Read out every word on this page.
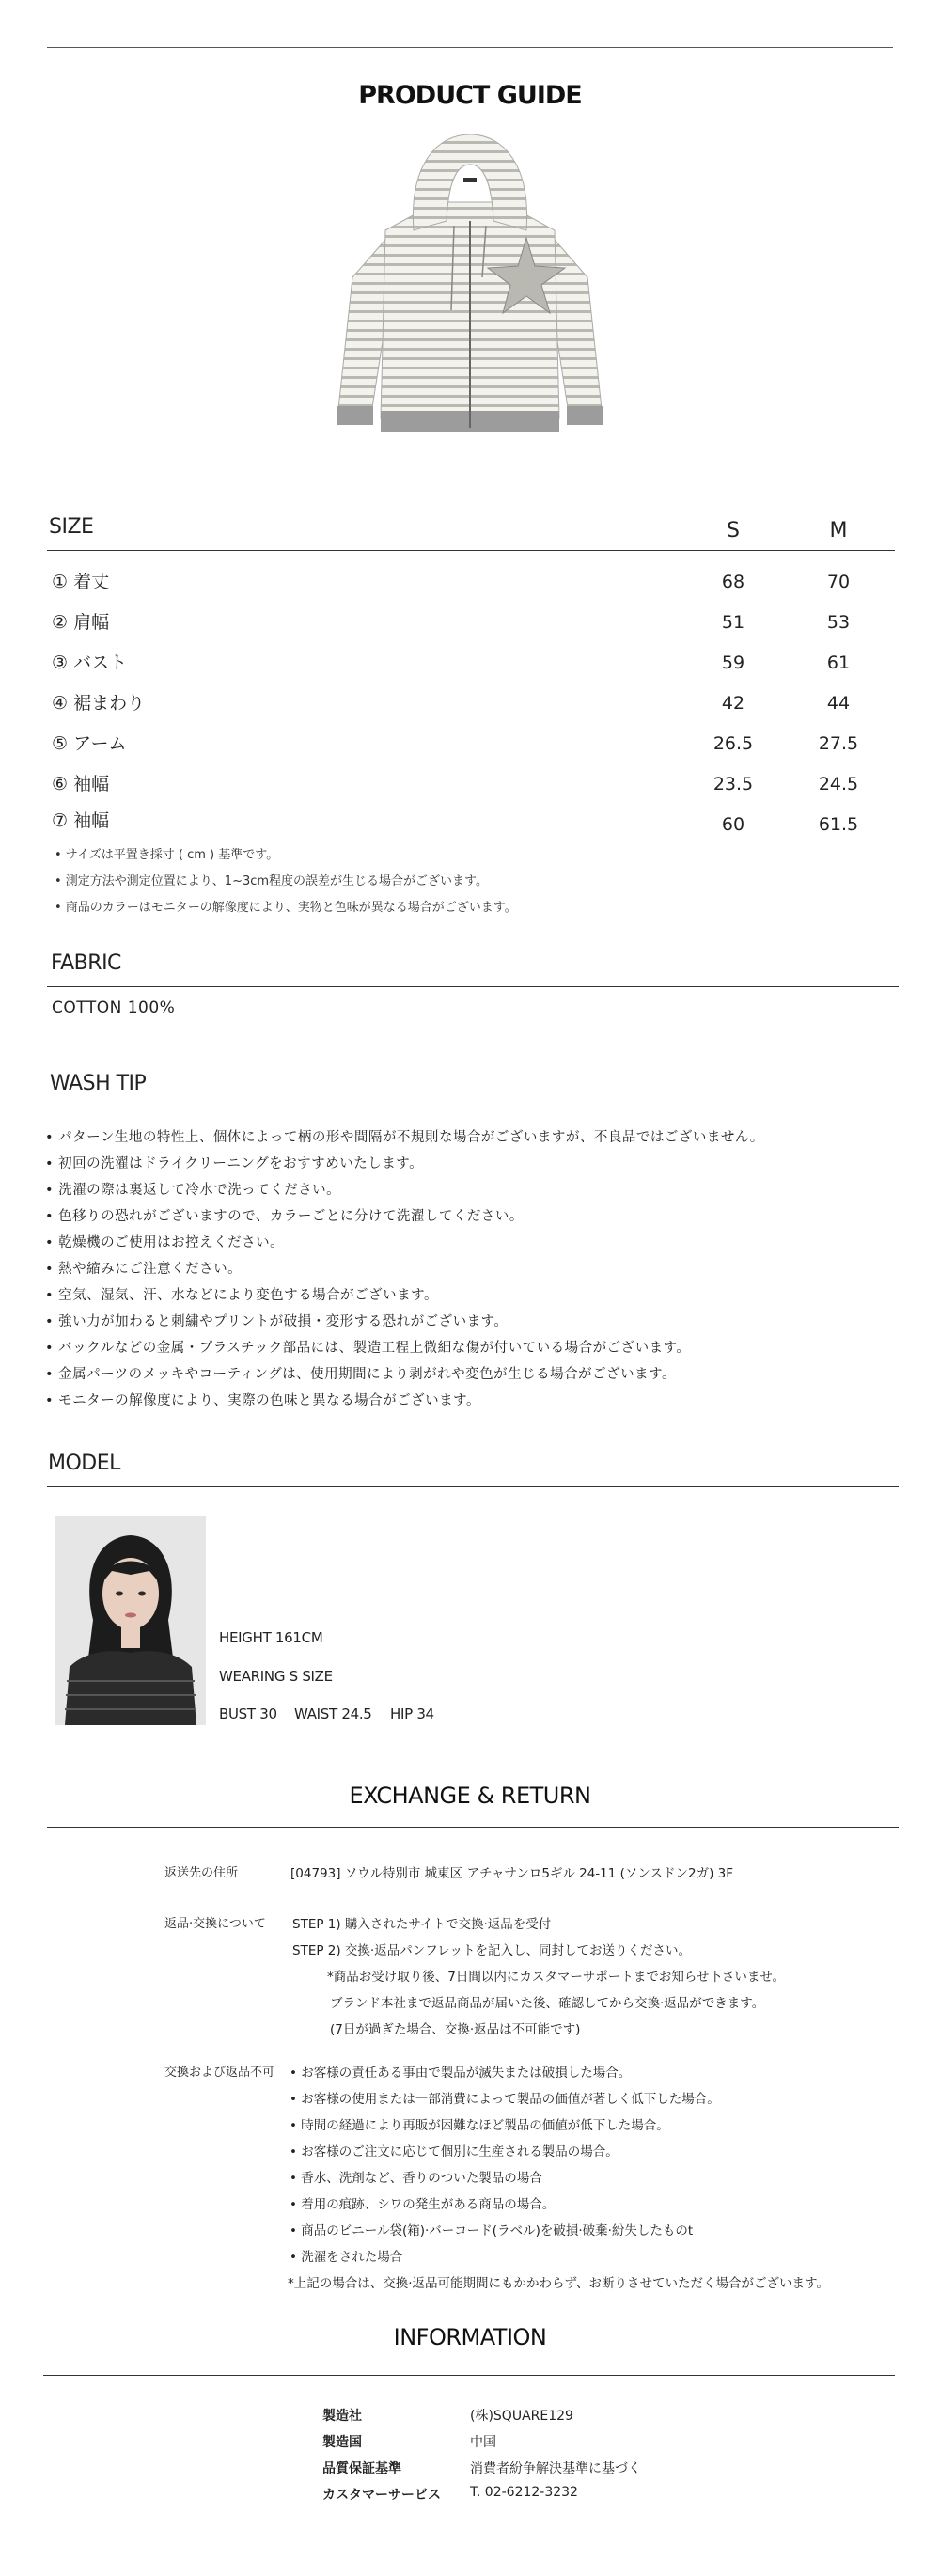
PRODUCT GUIDE
SIZE	S	M
① 着丈	68	70
② 肩幅	51	53
③ バスト	59	61
④ 裾まわり	42	44
⑤ アーム	26.5	27.5
⑥ 袖幅	23.5	24.5
⑦ 袖幅	60	61.5
• サイズは平置き採寸 ( cm ) 基準です。
• 測定方法や測定位置により、1~3cm程度の誤差が生じる場合がございます。
• 商品のカラーはモニターの解像度により、実物と色味が異なる場合がございます。
FABRIC
COTTON 100%
WASH TIP
• パターン生地の特性上、個体によって柄の形や間隔が不規則な場合がございますが、不良品ではございません。
• 初回の洗濯はドライクリーニングをおすすめいたします。
• 洗濯の際は裏返して冷水で洗ってください。
• 色移りの恐れがございますので、カラーごとに分けて洗濯してください。
• 乾燥機のご使用はお控えください。
• 熱や縮みにご注意ください。
• 空気、湿気、汗、水などにより変色する場合がございます。
• 強い力が加わると刺繍やプリントが破損・変形する恐れがございます。
• バックルなどの金属・プラスチック部品には、製造工程上微細な傷が付いている場合がございます。
• 金属パーツのメッキやコーティングは、使用期間により剥がれや変色が生じる場合がございます。
• モニターの解像度により、実際の色味と異なる場合がございます。
MODEL
HEIGHT 161CM
WEARING S SIZE
BUST 30 WAIST 24.5 HIP 34
EXCHANGE & RETURN
返送先の住所	[04793] ソウル特別市 城東区 アチャサンロ5ギル 24-11 (ソンスドン2ガ) 3F
返品·交換について STEP 1) 購入されたサイトで交換·返品を受付
STEP 2) 交換·返品パンフレットを記入し、同封してお送りください。
*商品お受け取り後、7日間以内にカスタマーサポートまでお知らせ下さいませ。
ブランド本社まで返品商品が届いた後、確認してから交換·返品ができます。
(7日が過ぎた場合、交換·返品は不可能です)
交換および返品不可 • お客様の責任ある事由で製品が滅失または破損した場合。
• お客様の使用または一部消費によって製品の価値が著しく低下した場合。
• 時間の経過により再販が困難なほど製品の価値が低下した場合。
• お客様のご注文に応じて個別に生産される製品の場合。
• 香水、洗剤など、香りのついた製品の場合
• 着用の痕跡、シワの発生がある商品の場合。
• 商品のビニール袋(箱)·バーコード(ラベル)を破損·破棄·紛失したものt
• 洗濯をされた場合
*上記の場合は、交換·返品可能期間にもかかわらず、お断りさせていただく場合がございます。
INFORMATION
製造社	(株)SQUARE129
製造国	中国
品質保証基準	消費者紛争解決基準に基づく
カスタマーサービス T. 02-6212-3232
